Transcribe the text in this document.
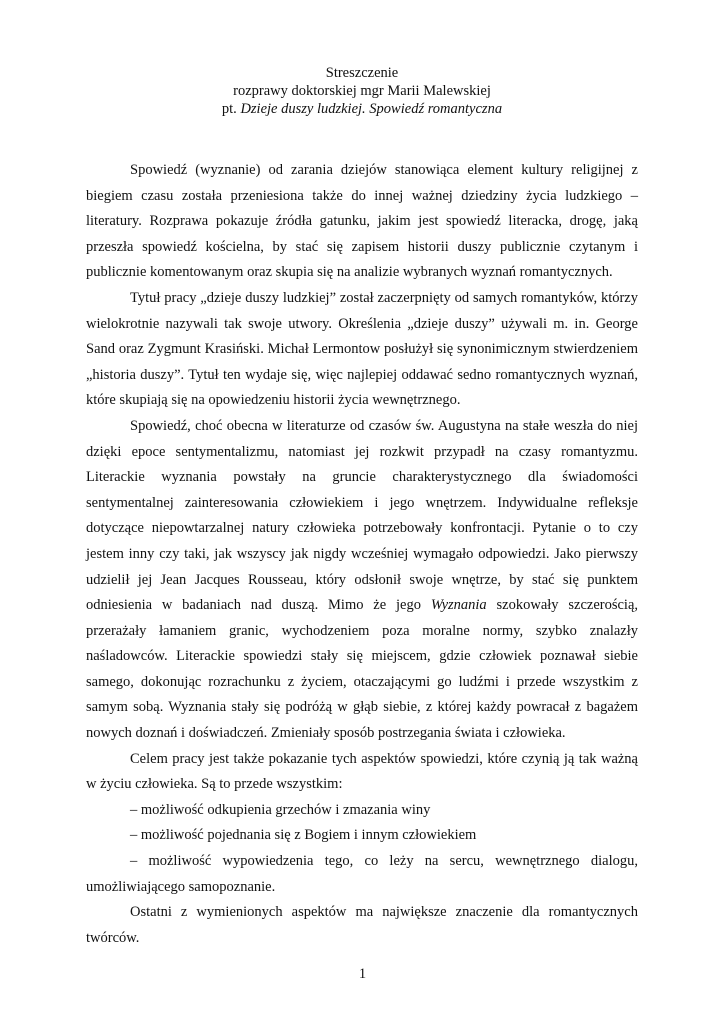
Streszczenie
rozprawy doktorskiej mgr Marii Malewskiej
pt. Dzieje duszy ludzkiej. Spowiedź romantyczna

Spowiedź (wyznanie) od zarania dziejów stanowiąca element kultury religijnej z biegiem czasu została przeniesiona także do innej ważnej dziedziny życia ludzkiego – literatury. Rozprawa pokazuje źródła gatunku, jakim jest spowiedź literacka, drogę, jaką przeszła spowiedź kościelna, by stać się zapisem historii duszy publicznie czytanym i publicznie komentowanym oraz skupia się na analizie wybranych wyznań romantycznych.

Tytuł pracy „dzieje duszy ludzkiej” został zaczerpnięty od samych romantyków, którzy wielokrotnie nazywali tak swoje utwory. Określenia „dzieje duszy” używali m. in. George Sand oraz Zygmunt Krasiński. Michał Lermontow posłużył się synonimicznym stwierdzeniem „historia duszy”. Tytuł ten wydaje się, więc najlepiej oddawać sedno romantycznych wyznań, które skupiają się na opowiedzeniu historii życia wewnętrznego.

Spowiedź, choć obecna w literaturze od czasów św. Augustyna na stałe weszła do niej dzięki epoce sentymentalizmu, natomiast jej rozkwit przypadł na czasy romantyzmu. Literackie wyznania powstały na gruncie charakterystycznego dla świadomości sentymentalnej zainteresowania człowiekiem i jego wnętrzem. Indywidualne refleksje dotyczące niepowtarzalnej natury człowieka potrzebowały konfrontacji. Pytanie o to czy jestem inny czy taki, jak wszyscy jak nigdy wcześniej wymagało odpowiedzi. Jako pierwszy udzielił jej Jean Jacques Rousseau, który odsłonił swoje wnętrze, by stać się punktem odniesienia w badaniach nad duszą. Mimo że jego Wyznania szokowały szczerością, przerażały łamaniem granic, wychodzeniem poza moralne normy, szybko znalazły naśladowców. Literackie spowiedzi stały się miejscem, gdzie człowiek poznawał siebie samego, dokonując rozrachunku z życiem, otaczającymi go ludźmi i przede wszystkim z samym sobą. Wyznania stały się podróżą w głąb siebie, z której każdy powracał z bagażem nowych doznań i doświadczeń. Zmieniały sposób postrzegania świata i człowieka.

Celem pracy jest także pokazanie tych aspektów spowiedzi, które czynią ją tak ważną w życiu człowieka. Są to przede wszystkim:

– możliwość odkupienia grzechów i zmazania winy

– możliwość pojednania się z Bogiem i innym człowiekiem

– możliwość wypowiedzenia tego, co leży na sercu, wewnętrznego dialogu, umożliwiającego samopoznanie.

Ostatni z wymienionych aspektów ma największe znaczenie dla romantycznych twórców.

1
